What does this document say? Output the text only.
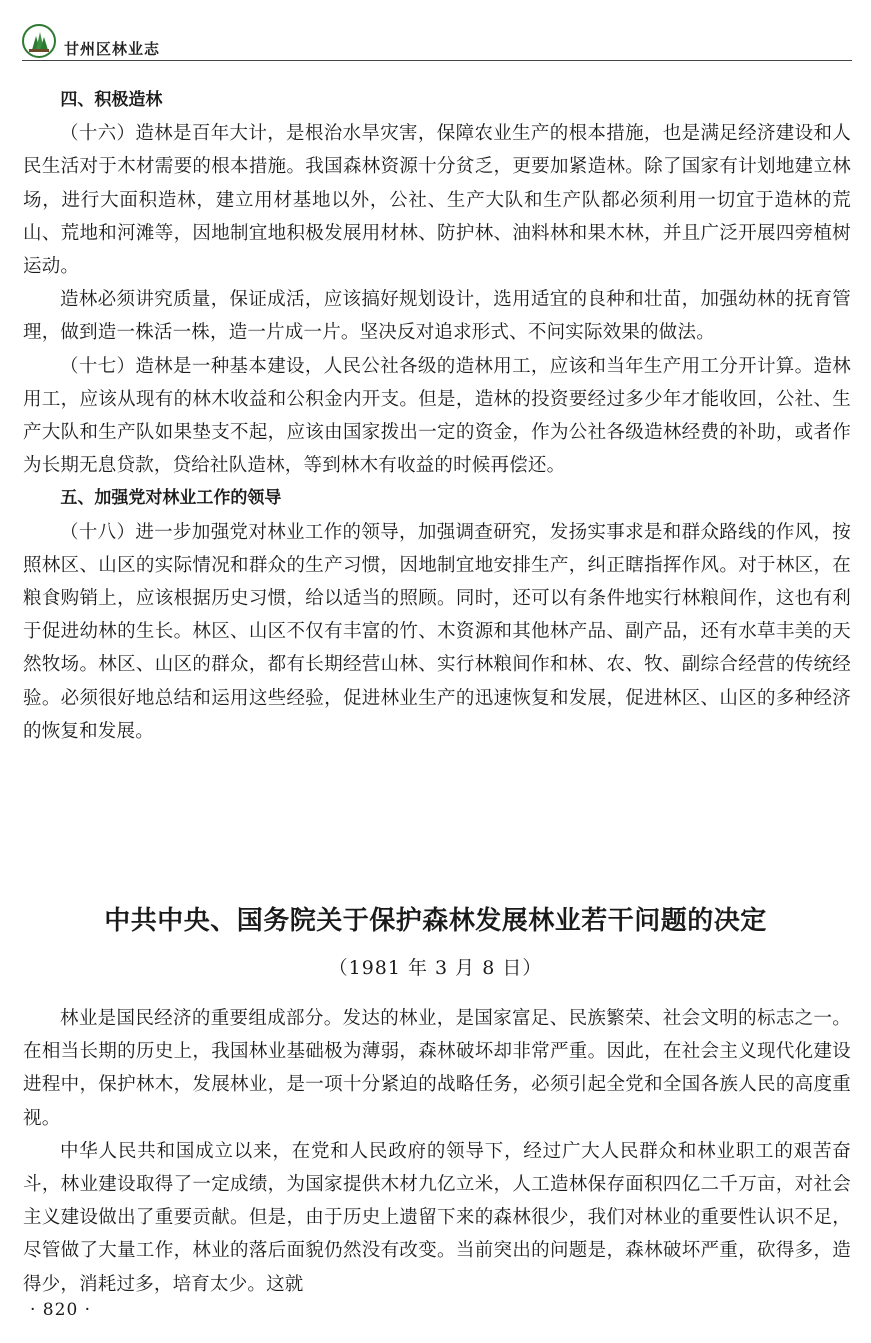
甘州区林业志

四、积极造林

（十六）造林是百年大计，是根治水旱灾害，保障农业生产的根本措施，也是满足经济建设和人民生活对于木材需要的根本措施。我国森林资源十分贫乏，更要加紧造林。除了国家有计划地建立林场，进行大面积造林，建立用材基地以外，公社、生产大队和生产队都必须利用一切宜于造林的荒山、荒地和河滩等，因地制宜地积极发展用材林、防护林、油料林和果木林，并且广泛开展四旁植树运动。

造林必须讲究质量，保证成活，应该搞好规划设计，选用适宜的良种和壮苗，加强幼林的抚育管理，做到造一株活一株，造一片成一片。坚决反对追求形式、不问实际效果的做法。

（十七）造林是一种基本建设，人民公社各级的造林用工，应该和当年生产用工分开计算。造林用工，应该从现有的林木收益和公积金内开支。但是，造林的投资要经过多少年才能收回，公社、生产大队和生产队如果垫支不起，应该由国家拨出一定的资金，作为公社各级造林经费的补助，或者作为长期无息贷款，贷给社队造林，等到林木有收益的时候再偿还。

五、加强党对林业工作的领导

（十八）进一步加强党对林业工作的领导，加强调查研究，发扬实事求是和群众路线的作风，按照林区、山区的实际情况和群众的生产习惯，因地制宜地安排生产，纠正瞎指挥作风。对于林区，在粮食购销上，应该根据历史习惯，给以适当的照顾。同时，还可以有条件地实行林粮间作，这也有利于促进幼林的生长。林区、山区不仅有丰富的竹、木资源和其他林产品、副产品，还有水草丰美的天然牧场。林区、山区的群众，都有长期经营山林、实行林粮间作和林、农、牧、副综合经营的传统经验。必须很好地总结和运用这些经验，促进林业生产的迅速恢复和发展，促进林区、山区的多种经济的恢复和发展。

中共中央、国务院关于保护森林发展林业若干问题的决定
（1981 年 3 月 8 日）

林业是国民经济的重要组成部分。发达的林业，是国家富足、民族繁荣、社会文明的标志之一。在相当长期的历史上，我国林业基础极为薄弱，森林破坏却非常严重。因此，在社会主义现代化建设进程中，保护林木，发展林业，是一项十分紧迫的战略任务，必须引起全党和全国各族人民的高度重视。

中华人民共和国成立以来，在党和人民政府的领导下，经过广大人民群众和林业职工的艰苦奋斗，林业建设取得了一定成绩，为国家提供木材九亿立米，人工造林保存面积四亿二千万亩，对社会主义建设做出了重要贡献。但是，由于历史上遗留下来的森林很少，我们对林业的重要性认识不足，尽管做了大量工作，林业的落后面貌仍然没有改变。当前突出的问题是，森林破坏严重，砍得多，造得少，消耗过多，培育太少。这就

· 820 ·
